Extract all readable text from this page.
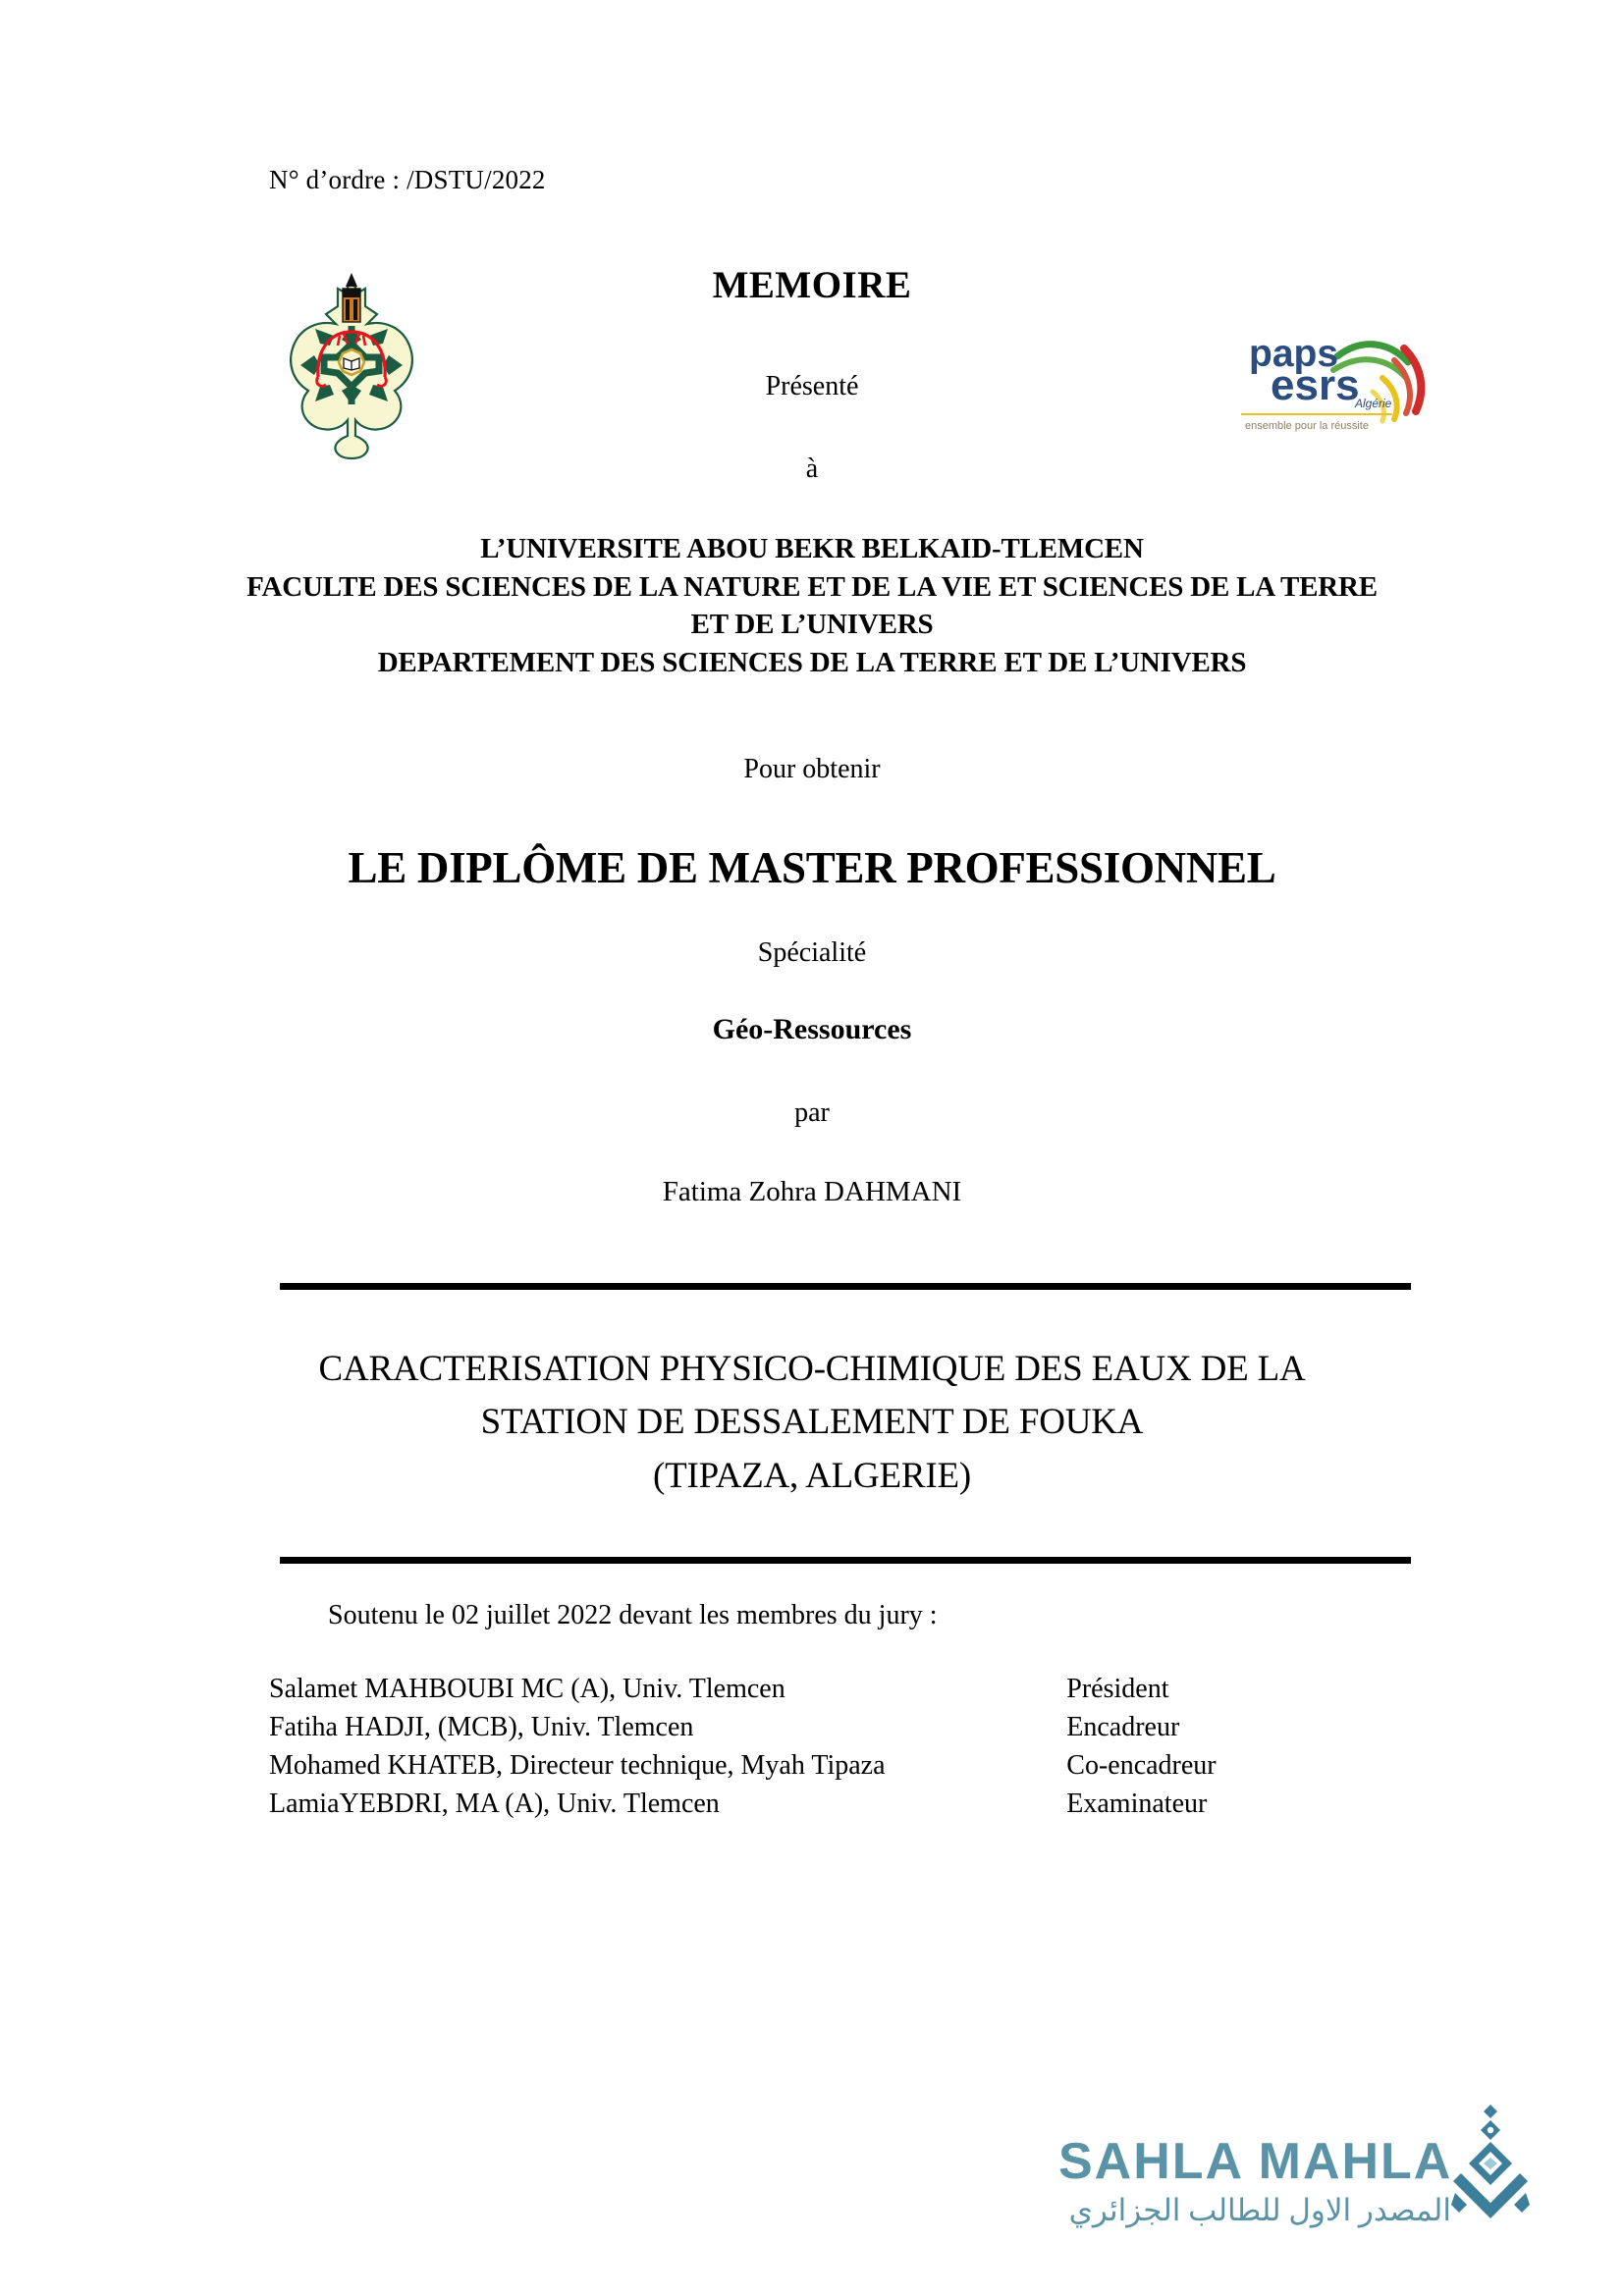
N° d’ordre : /DSTU/2022
paps
esrs
Algérie
ensemble pour la réussite
MEMOIRE
Présenté
à
L’UNIVERSITE ABOU BEKR BELKAID-TLEMCEN
FACULTE DES SCIENCES DE LA NATURE ET DE LA VIE ET SCIENCES DE LA TERRE
ET DE L’UNIVERS
DEPARTEMENT DES SCIENCES DE LA TERRE ET DE L’UNIVERS
Pour obtenir
LE DIPLÔME DE MASTER PROFESSIONNEL
Spécialité
Géo-Ressources
par
Fatima Zohra DAHMANI
CARACTERISATION PHYSICO-CHIMIQUE DES EAUX DE LA
STATION DE DESSALEMENT DE FOUKA
(TIPAZA, ALGERIE)
Soutenu le 02 juillet 2022 devant les membres du jury :
Salamet MAHBOUBI MC (A), Univ. Tlemcen	Président
Fatiha HADJI, (MCB), Univ. Tlemcen	Encadreur
Mohamed KHATEB, Directeur technique, Myah Tipaza	Co-encadreur
LamiaYEBDRI, MA (A), Univ. Tlemcen	Examinateur
SAHLA MAHLA
المصدر الاول للطالب الجزائري
